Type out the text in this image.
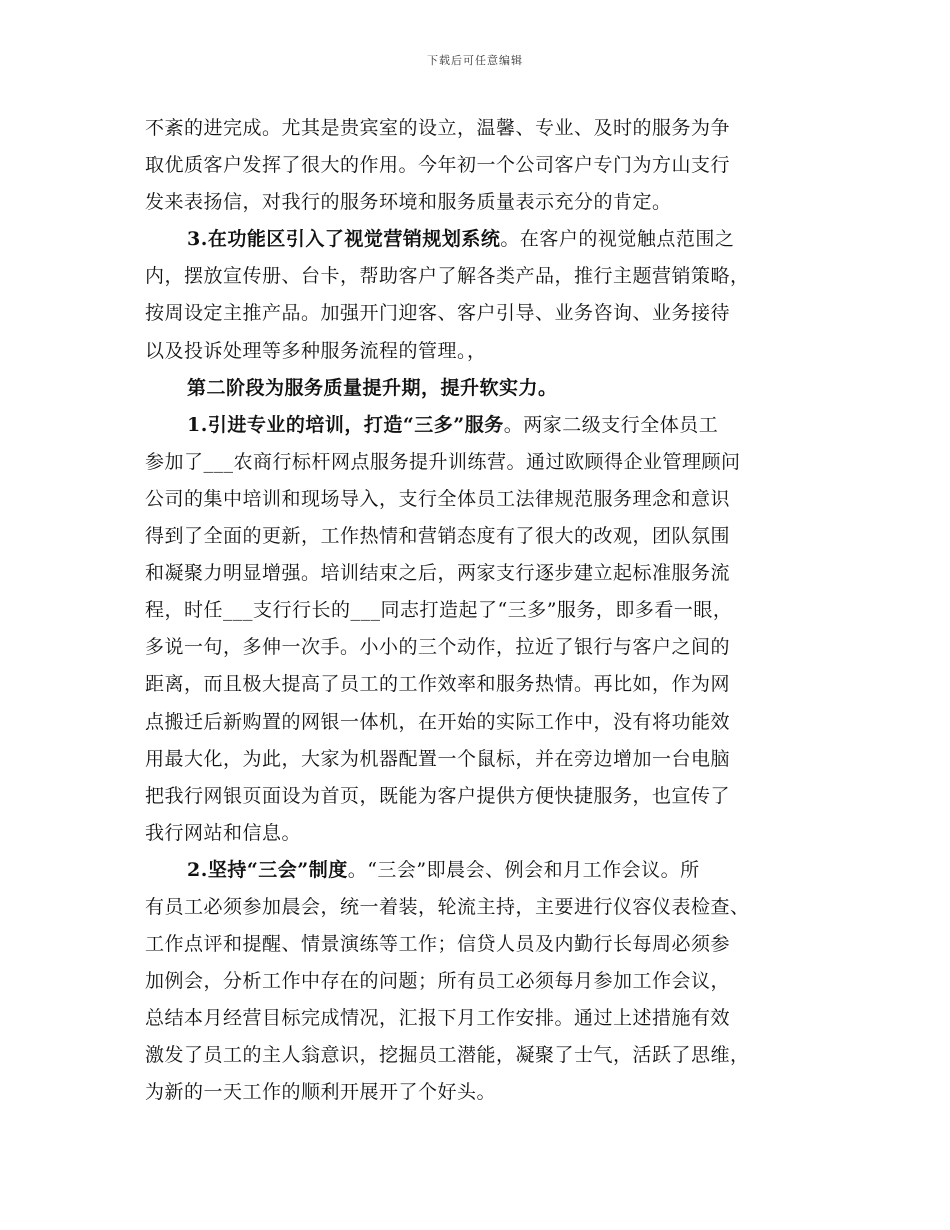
下载后可任意编辑
不紊的进完成。尤其是贵宾室的设立，温馨、专业、及时的服务为争
取优质客户发挥了很大的作用。今年初一个公司客户专门为方山支行
发来表扬信，对我行的服务环境和服务质量表示充分的肯定。
3.在功能区引入了视觉营销规划系统。在客户的视觉触点范围之
内，摆放宣传册、台卡，帮助客户了解各类产品，推行主题营销策略，
按周设定主推产品。加强开门迎客、客户引导、业务咨询、业务接待
以及投诉处理等多种服务流程的管理。，
第二阶段为服务质量提升期，提升软实力。
1.引进专业的培训，打造“三多”服务。两家二级支行全体员工
参加了___农商行标杆网点服务提升训练营。通过欧顾得企业管理顾问
公司的集中培训和现场导入，支行全体员工法律规范服务理念和意识
得到了全面的更新，工作热情和营销态度有了很大的改观，团队氛围
和凝聚力明显增强。培训结束之后，两家支行逐步建立起标准服务流
程，时任___支行行长的___同志打造起了“三多”服务，即多看一眼，
多说一句，多伸一次手。小小的三个动作，拉近了银行与客户之间的
距离，而且极大提高了员工的工作效率和服务热情。再比如，作为网
点搬迁后新购置的网银一体机，在开始的实际工作中，没有将功能效
用最大化，为此，大家为机器配置一个鼠标，并在旁边增加一台电脑
把我行网银页面设为首页，既能为客户提供方便快捷服务，也宣传了
我行网站和信息。
2.坚持“三会”制度。“三会”即晨会、例会和月工作会议。所
有员工必须参加晨会，统一着装，轮流主持，主要进行仪容仪表检查、
工作点评和提醒、情景演练等工作；信贷人员及内勤行长每周必须参
加例会，分析工作中存在的问题；所有员工必须每月参加工作会议，
总结本月经营目标完成情况，汇报下月工作安排。通过上述措施有效
激发了员工的主人翁意识，挖掘员工潜能，凝聚了士气，活跃了思维，
为新的一天工作的顺利开展开了个好头。
